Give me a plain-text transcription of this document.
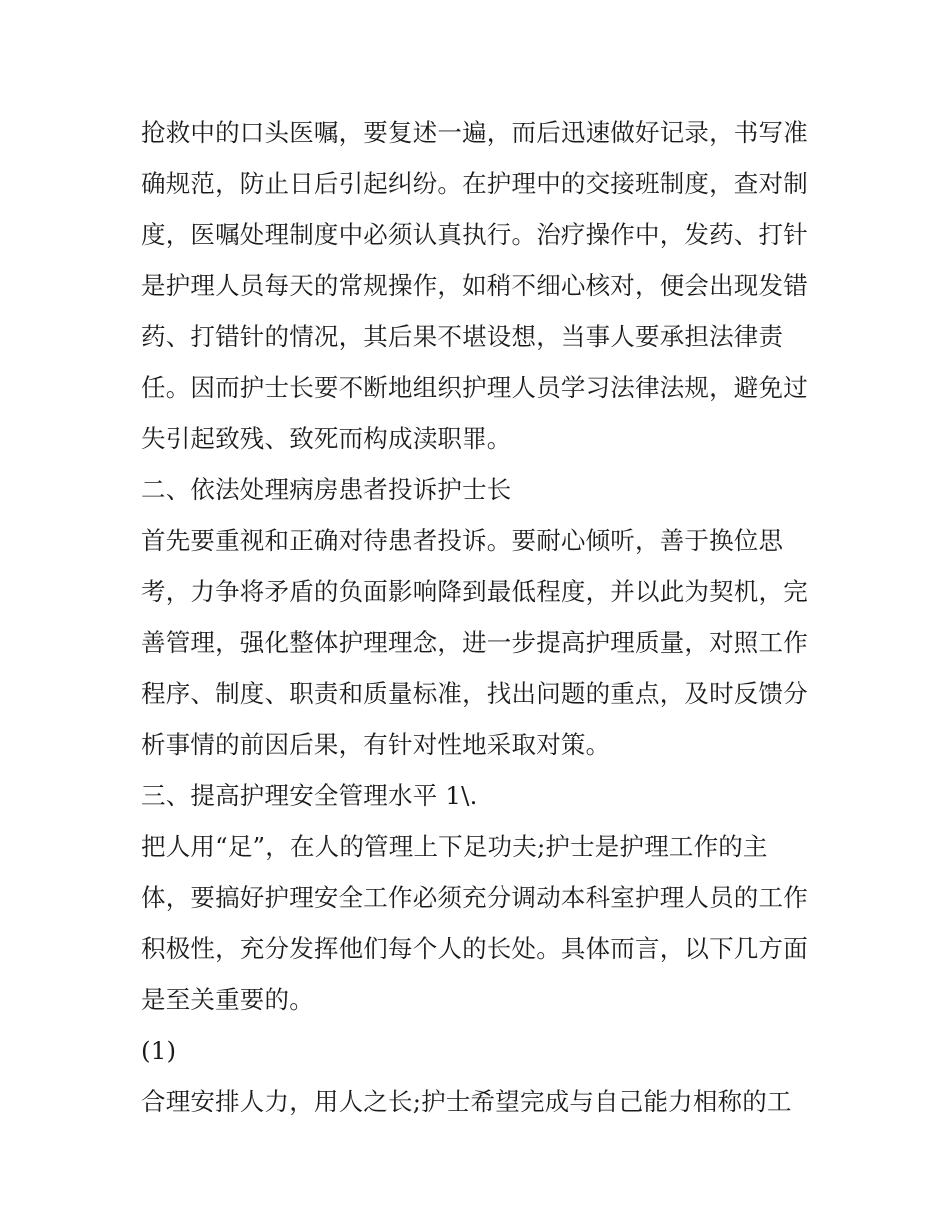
抢救中的口头医嘱，要复述一遍，而后迅速做好记录，书写准
确规范，防止日后引起纠纷。在护理中的交接班制度，查对制
度，医嘱处理制度中必须认真执行。治疗操作中，发药、打针
是护理人员每天的常规操作，如稍不细心核对，便会出现发错
药、打错针的情况，其后果不堪设想，当事人要承担法律责
任。因而护士长要不断地组织护理人员学习法律法规，避免过
失引起致残、致死而构成渎职罪。
二、依法处理病房患者投诉护士长
首先要重视和正确对待患者投诉。要耐心倾听，善于换位思
考，力争将矛盾的负面影响降到最低程度，并以此为契机，完
善管理，强化整体护理理念，进一步提高护理质量，对照工作
程序、制度、职责和质量标准，找出问题的重点，及时反馈分
析事情的前因后果，有针对性地采取对策。
三、提高护理安全管理水平 1\.
把人用“足”，在人的管理上下足功夫;护士是护理工作的主
体，要搞好护理安全工作必须充分调动本科室护理人员的工作
积极性，充分发挥他们每个人的长处。具体而言，以下几方面
是至关重要的。
(1)
合理安排人力，用人之长;护士希望完成与自己能力相称的工
